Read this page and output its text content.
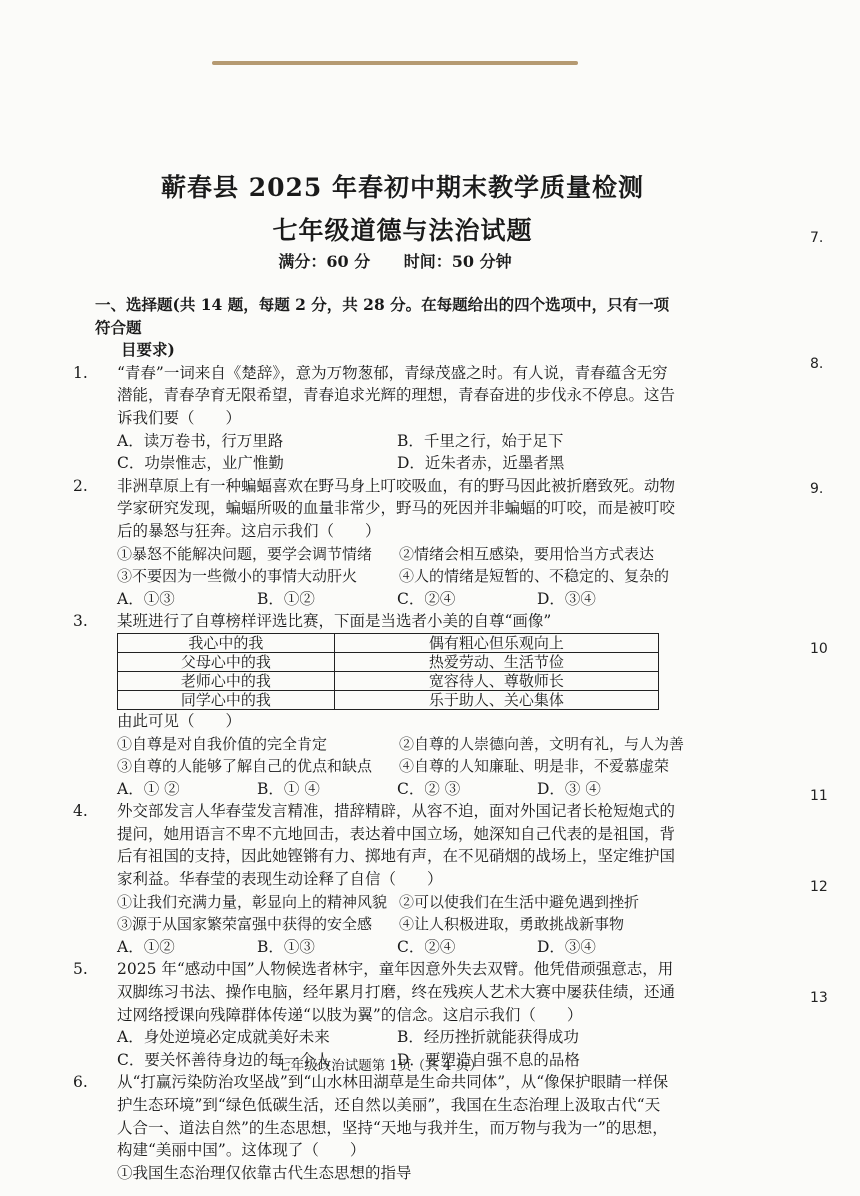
蕲春县 2025 年春初中期末教学质量检测
七年级道德与法治试题
满分：60 分 时间：50 分钟
一、选择题(共 14 题，每题 2 分，共 28 分。在每题给出的四个选项中，只有一项符合题
目要求)

1. “青春”一词来自《楚辞》，意为万物葱郁，青绿茂盛之时。有人说，青春蕴含无穷潜能，青春孕育无限希望，青春追求光辉的理想，青春奋进的步伐永不停息。这告诉我们要（　　）

A．读万卷书，行万里路	B．千里之行，始于足下
C．功崇惟志，业广惟勤	D．近朱者赤，近墨者黑

2. 非洲草原上有一种蝙蝠喜欢在野马身上叮咬吸血，有的野马因此被折磨致死。动物学家研究发现，蝙蝠所吸的血量非常少，野马的死因并非蝙蝠的叮咬，而是被叮咬后的暴怒与狂奔。这启示我们（　　）

①暴怒不能解决问题，要学会调节情绪	②情绪会相互感染，要用恰当方式表达
③不要因为一些微小的事情大动肝火	④人的情绪是短暂的、不稳定的、复杂的
A．①③	B．①②	C．②④	D．③④

3. 某班进行了自尊榜样评选比赛，下面是当选者小美的自尊“画像”

我心中的我	偶有粗心但乐观向上
父母心中的我	热爱劳动、生活节俭
老师心中的我	宽容待人、尊敬师长
同学心中的我	乐于助人、关心集体

由此可见（　　）

①自尊是对自我价值的完全肯定	②自尊的人崇德向善，文明有礼，与人为善
③自尊的人能够了解自己的优点和缺点	④自尊的人知廉耻、明是非，不爱慕虚荣
A．① ②	B．① ④	C．② ③	D．③ ④

4. 外交部发言人华春莹发言精准，措辞精辟，从容不迫，面对外国记者长枪短炮式的提问，她用语言不卑不亢地回击，表达着中国立场，她深知自己代表的是祖国，背后有祖国的支持，因此她铿锵有力、掷地有声，在不见硝烟的战场上，坚定维护国家利益。华春莹的表现生动诠释了自信（　　）

①让我们充满力量，彰显向上的精神风貌 ②可以使我们在生活中避免遇到挫折
③源于从国家繁荣富强中获得的安全感	④让人积极进取，勇敢挑战新事物
A．①②	B．①③	C．②④	D．③④

5. 2025 年“感动中国”人物候选者林宇，童年因意外失去双臂。他凭借顽强意志，用双脚练习书法、操作电脑，经年累月打磨，终在残疾人艺术大赛中屡获佳绩，还通过网络授课向残障群体传递“以肢为翼”的信念。这启示我们（　　）

A．身处逆境必定成就美好未来	B．经历挫折就能获得成功
C．要关怀善待身边的每一个人	D．要塑造自强不息的品格

6. 从“打赢污染防治攻坚战”到“山水林田湖草是生命共同体”，从“像保护眼睛一样保护生态环境”到“绿色低碳生活，还自然以美丽”，我国在生态治理上汲取古代“天人合一、道法自然”的生态思想，坚持“天地与我并生，而万物与我为一”的思想，构建“美丽中国”。这体现了（　　）

①我国生态治理仅依靠古代生态思想的指导

7.
8.
9.
10
11
12
13
七年级政治试题第 1页（共 4 页）
